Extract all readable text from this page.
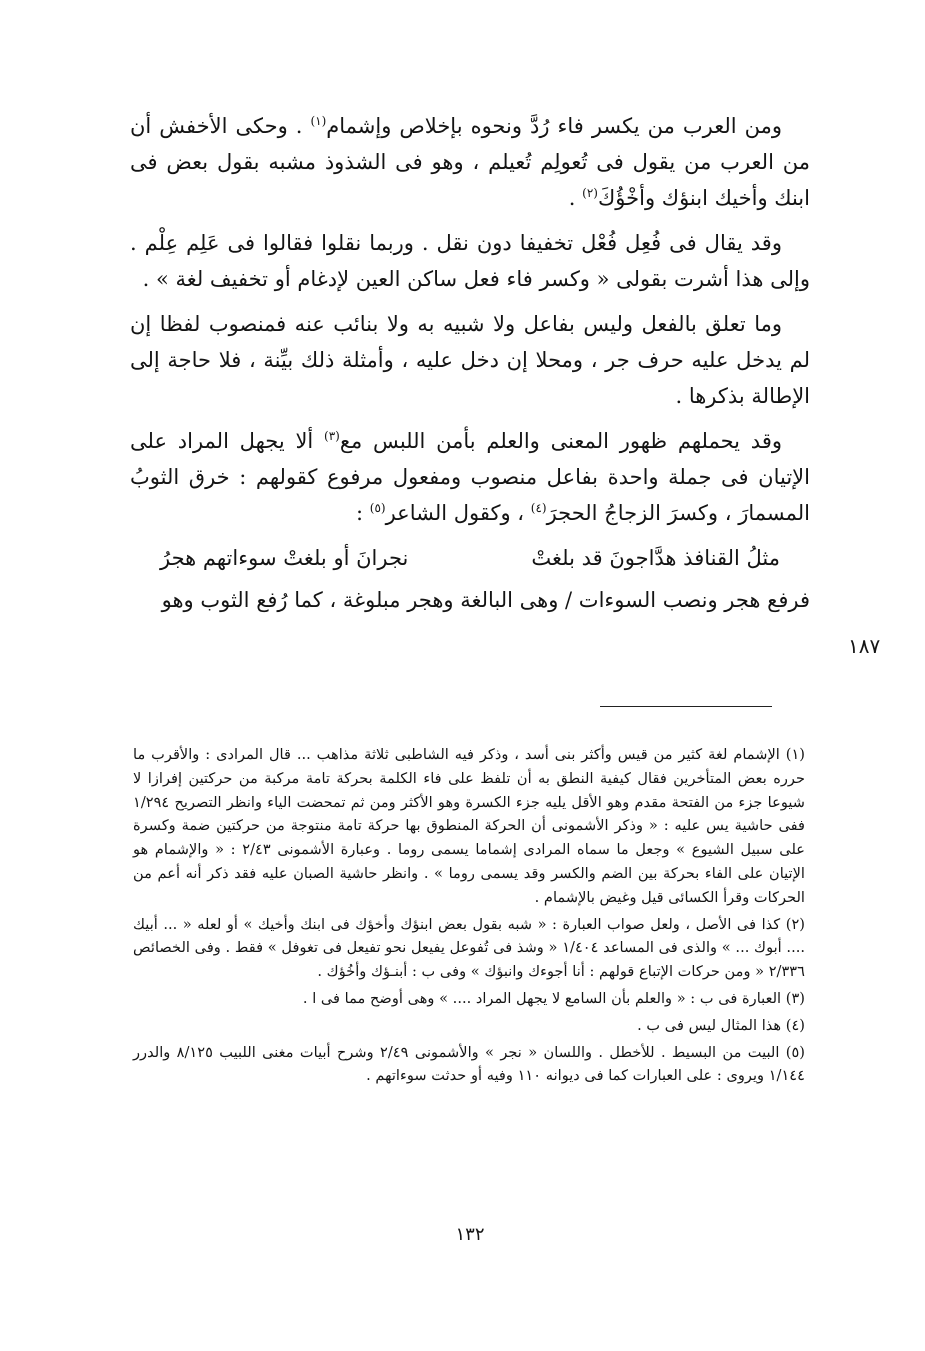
ومن العرب من يكسر فاء رُدَّ ونحوه بإخلاص وإشمام$^{(١)}$ . وحكى الأخفش أن من العرب من يقول فى تُعولِم تُعيلم ، وهو فى الشذوذ مشبه بقول بعض فى ابنك وأخيك ابنؤك وأخْؤُكَ$^{(٢)}$ .

وقد يقال فى فُعِل فُعْل تخفيفا دون نقل . وربما نقلوا فقالوا فى عَلِم عِلْم . وإلى هذا أشرت بقولى « وكسر فاء فعل ساكن العين لإدغام أو تخفيف لغة » .

وما تعلق بالفعل وليس بفاعل ولا شبيه به ولا بنائب عنه فمنصوب لفظا إن لم يدخل عليه حرف جر ، ومحلا إن دخل عليه ، وأمثلة ذلك بيِّنة ، فلا حاجة إلى الإطالة بذكرها .

وقد يحملهم ظهور المعنى والعلم بأمن اللبس مع$^{(٣)}$ ألا يجهل المراد على الإتيان فى جملة واحدة بفاعل منصوب ومفعول مرفوع كقولهم : خرق الثوبُ المسمارَ ، وكسرَ الزجاجُ الحجرَ$^{(٤)}$ ، وكقول الشاعر$^{(٥)}$ :

مثلُ القنافذ هدَّاجونَ قد بلغتْ
نجرانَ أو بلغتْ سوءاتهم هجرُ

فرفع هجر ونصب السوءات / وهى البالغة وهجر مبلوغة ، كما رُفع الثوب وهو

١٨٧

(١) الإشمام لغة كثير من قيس وأكثر بنى أسد ، وذكر فيه الشاطبى ثلاثة مذاهب ... قال المرادى : والأقرب ما حرره بعض المتأخرين فقال كيفية النطق به أن تلفظ على فاء الكلمة بحركة تامة مركبة من حركتين إفرازا لا شيوعا جزء من الفتحة مقدم وهو الأقل يليه جزء الكسرة وهو الأكثر ومن ثم تمحضت الياء وانظر التصريح ١/٢٩٤ ففى حاشية يس عليه : « وذكر الأشمونى أن الحركة المنطوق بها حركة تامة منتوجة من حركتين ضمة وكسرة على سبيل الشيوع » وجعل ما سماه المرادى إشماما يسمى روما . وعبارة الأشمونى ٢/٤٣ : « والإشمام هو الإتيان على الفاء بحركة بين الضم والكسر وقد يسمى روما » . وانظر حاشية الصبان عليه فقد ذكر أنه أعم من الحركات وقرأ الكسائى قيل وغيض بالإشمام .

(٢) كذا فى الأصل ، ولعل صواب العبارة : « شبه بقول بعض ابنؤك وأخؤك فى ابنك وأخيك » أو لعله « ... أبيك .... أبوك ... » والذى فى المساعد ١/٤٠٤ « وشذ فى تُفوعل يفيعل نحو تفيعل فى تغوفل » فقط . وفى الخصائص ٢/٣٣٦ « ومن حركات الإتباع قولهم : أنا أجوءك وانبؤك » وفى ب : أبنـؤك وأخُؤك .

(٣) العبارة فى ب : « والعلم بأن السامع لا يجهل المراد .... » وهى أوضح مما فى ا .

(٤) هذا المثال ليس فى ب .

(٥) البيت من البسيط . للأخطل . واللسان « نجر » والأشمونى ٢/٤٩ وشرح أبيات مغنى اللبيب ٨/١٢٥ والدرر ١/١٤٤ ويروى : على العبارات كما فى ديوانه ١١٠ وفيه أو حدثت سوءاتهم .

١٣٢
